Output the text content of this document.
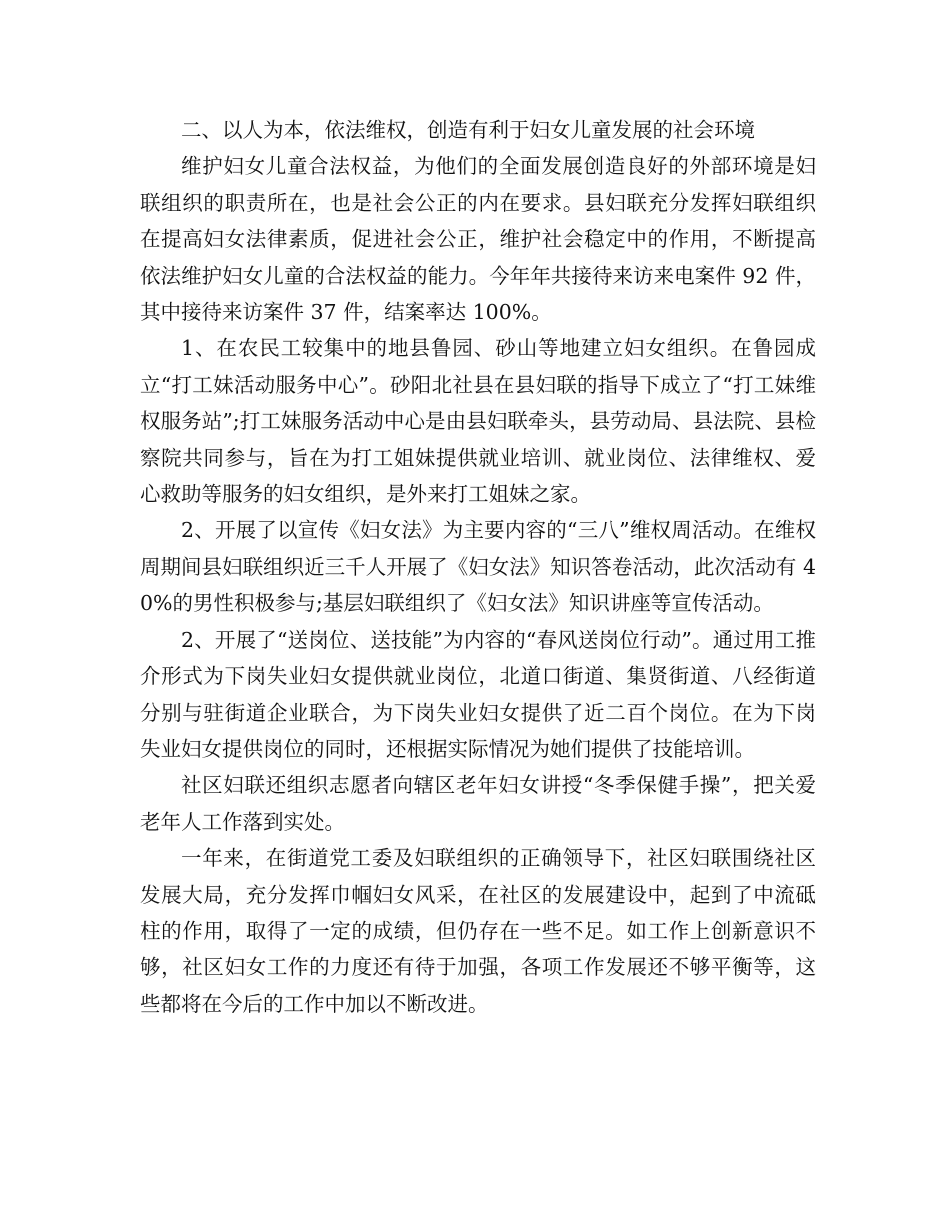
二、以人为本，依法维权，创造有利于妇女儿童发展的社会环境

维护妇女儿童合法权益，为他们的全面发展创造良好的外部环境是妇联组织的职责所在，也是社会公正的内在要求。县妇联充分发挥妇联组织在提高妇女法律素质，促进社会公正，维护社会稳定中的作用，不断提高依法维护妇女儿童的合法权益的能力。今年年共接待来访来电案件 92 件，其中接待来访案件 37 件，结案率达 100%。

1、在农民工较集中的地县鲁园、砂山等地建立妇女组织。在鲁园成立“打工妹活动服务中心”。砂阳北社县在县妇联的指导下成立了“打工妹维权服务站”;打工妹服务活动中心是由县妇联牵头，县劳动局、县法院、县检察院共同参与，旨在为打工姐妹提供就业培训、就业岗位、法律维权、爱心救助等服务的妇女组织，是外来打工姐妹之家。

2、开展了以宣传《妇女法》为主要内容的“三八”维权周活动。在维权周期间县妇联组织近三千人开展了《妇女法》知识答卷活动，此次活动有 40%的男性积极参与;基层妇联组织了《妇女法》知识讲座等宣传活动。

2、开展了“送岗位、送技能”为内容的“春风送岗位行动”。通过用工推介形式为下岗失业妇女提供就业岗位，北道口街道、集贤街道、八经街道分别与驻街道企业联合，为下岗失业妇女提供了近二百个岗位。在为下岗失业妇女提供岗位的同时，还根据实际情况为她们提供了技能培训。

社区妇联还组织志愿者向辖区老年妇女讲授“冬季保健手操”，把关爱老年人工作落到实处。

一年来，在街道党工委及妇联组织的正确领导下，社区妇联围绕社区发展大局，充分发挥巾帼妇女风采，在社区的发展建设中，起到了中流砥柱的作用，取得了一定的成绩，但仍存在一些不足。如工作上创新意识不够，社区妇女工作的力度还有待于加强，各项工作发展还不够平衡等，这些都将在今后的工作中加以不断改进。
